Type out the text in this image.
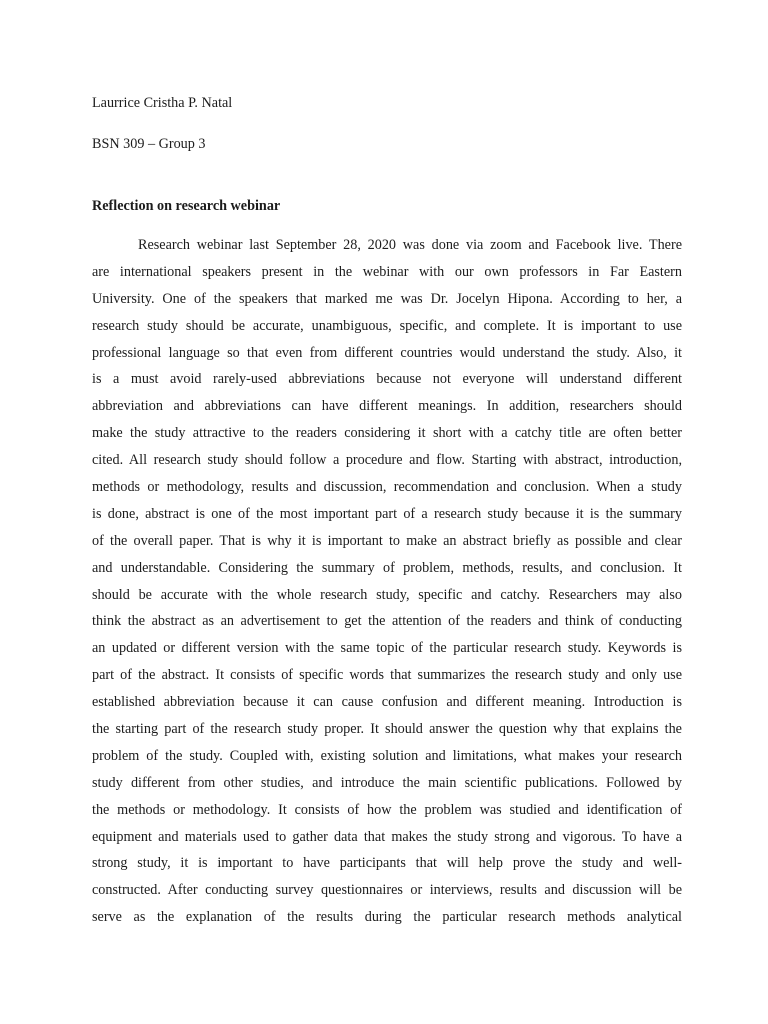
Laurrice Cristha P. Natal

BSN 309 – Group 3

Reflection on research webinar

Research webinar last September 28, 2020 was done via zoom and Facebook live. There
are international speakers present in the webinar with our own professors in Far Eastern
University. One of the speakers that marked me was Dr. Jocelyn Hipona. According to her, a
research study should be accurate, unambiguous, specific, and complete. It is important to use
professional language so that even from different countries would understand the study. Also, it
is a must avoid rarely-used abbreviations because not everyone will understand different
abbreviation and abbreviations can have different meanings. In addition, researchers should
make the study attractive to the readers considering it short with a catchy title are often better
cited. All research study should follow a procedure and flow. Starting with abstract, introduction,
methods or methodology, results and discussion, recommendation and conclusion. When a study
is done, abstract is one of the most important part of a research study because it is the summary
of the overall paper. That is why it is important to make an abstract briefly as possible and clear
and understandable. Considering the summary of problem, methods, results, and conclusion. It
should be accurate with the whole research study, specific and catchy. Researchers may also
think the abstract as an advertisement to get the attention of the readers and think of conducting
an updated or different version with the same topic of the particular research study. Keywords is
part of the abstract. It consists of specific words that summarizes the research study and only use
established abbreviation because it can cause confusion and different meaning. Introduction is
the starting part of the research study proper. It should answer the question why that explains the
problem of the study. Coupled with, existing solution and limitations, what makes your research
study different from other studies, and introduce the main scientific publications. Followed by
the methods or methodology. It consists of how the problem was studied and identification of
equipment and materials used to gather data that makes the study strong and vigorous. To have a
strong study, it is important to have participants that will help prove the study and well-
constructed. After conducting survey questionnaires or interviews, results and discussion will be
serve as the explanation of the results during the particular research methods analytical
